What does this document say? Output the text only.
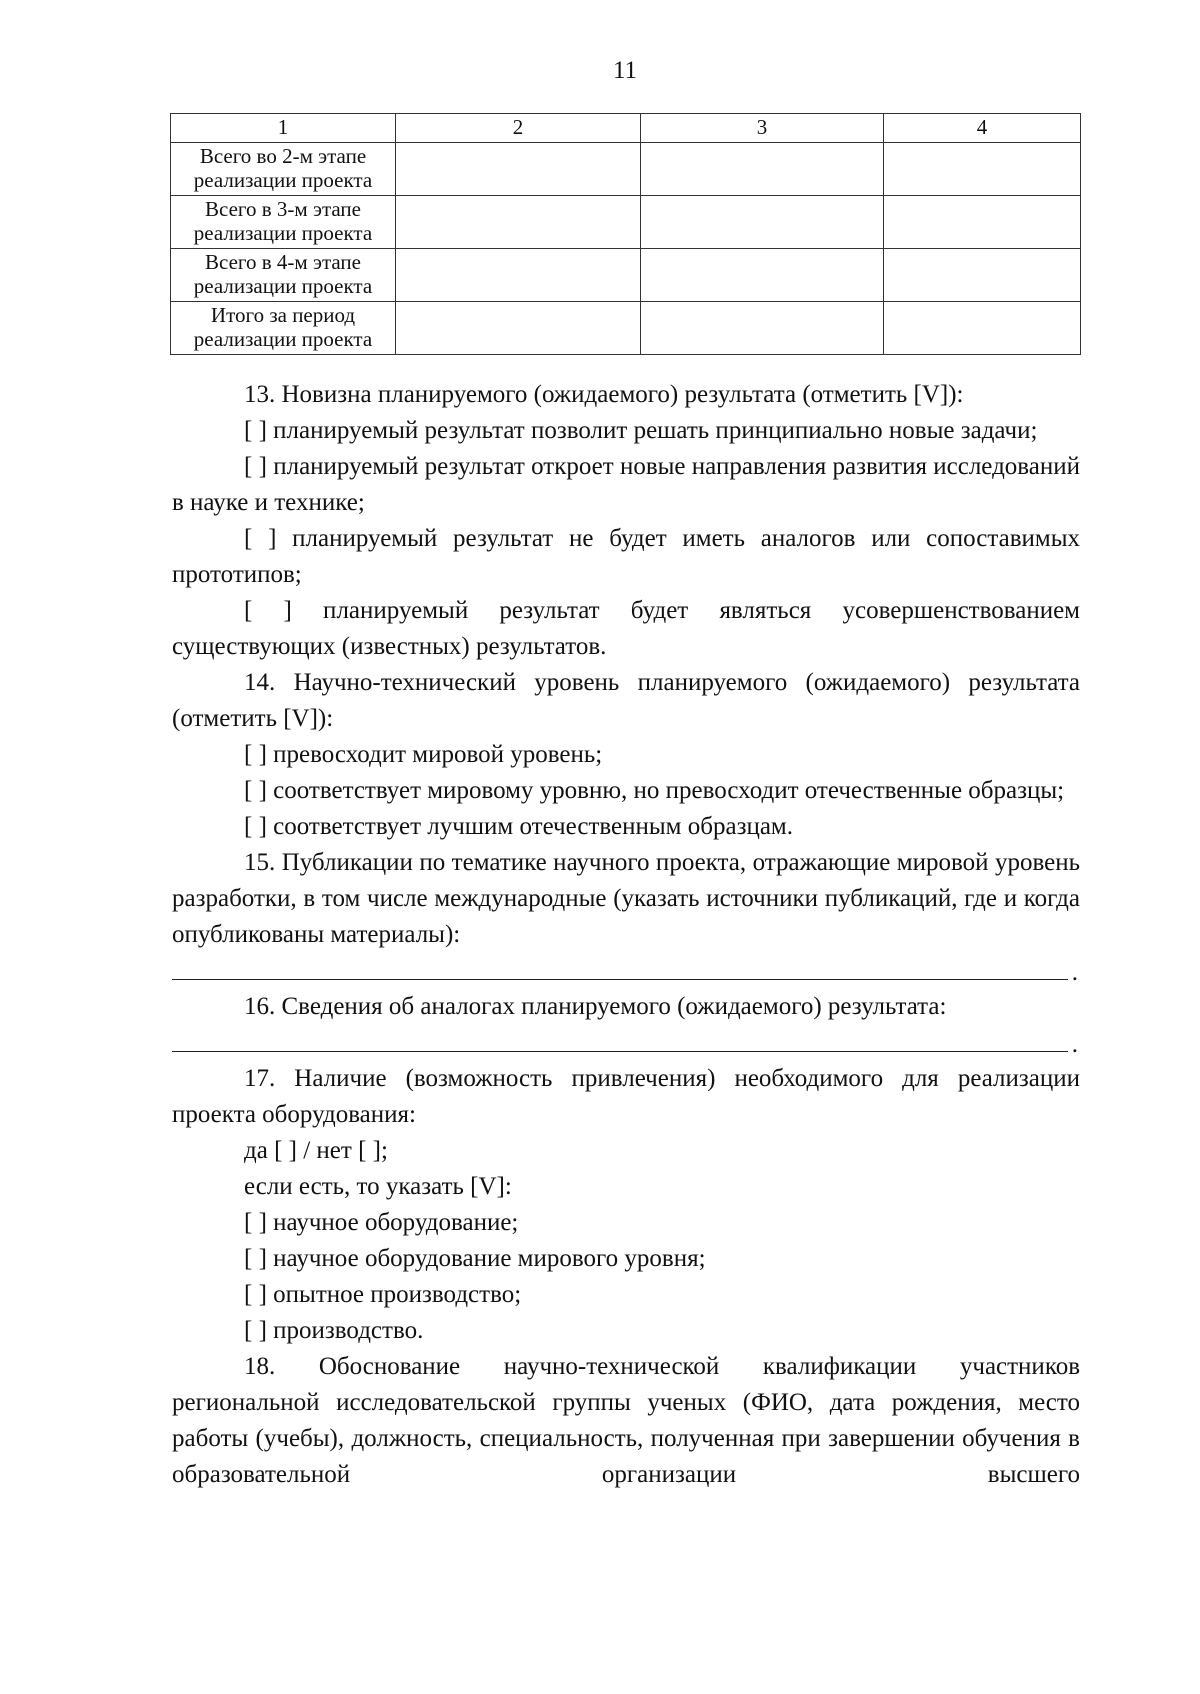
11
1	2	3	4
Всего во 2-м этапе реализации проекта			
Всего в 3-м этапе реализации проекта			
Всего в 4-м этапе реализации проекта			
Итого за период реализации проекта			

13. Новизна планируемого (ожидаемого) результата (отметить [V]):

[ ] планируемый результат позволит решать принципиально новые задачи;

[ ] планируемый результат откроет новые направления развития исследований в науке и технике;

[ ] планируемый результат не будет иметь аналогов или сопоставимых прототипов;

[ ] планируемый результат будет являться усовершенствованием существующих (известных) результатов.

14. Научно-технический уровень планируемого (ожидаемого) результата (отметить [V]):

[ ] превосходит мировой уровень;

[ ] соответствует мировому уровню, но превосходит отечественные образцы;

[ ] соответствует лучшим отечественным образцам.

15. Публикации по тематике научного проекта, отражающие мировой уровень разработки, в том числе международные (указать источники публикаций, где и когда опубликованы материалы):

.

16. Сведения об аналогах планируемого (ожидаемого) результата:

.

17. Наличие (возможность привлечения) необходимого для реализации проекта оборудования:

да [ ] / нет [ ];

если есть, то указать [V]:

[ ] научное оборудование;

[ ] научное оборудование мирового уровня;

[ ] опытное производство;

[ ] производство.

18. Обоснование научно-технической квалификации участников региональной исследовательской группы ученых (ФИО, дата рождения, место работы (учебы), должность, специальность, полученная при завершении обучения в образовательной организации высшего
